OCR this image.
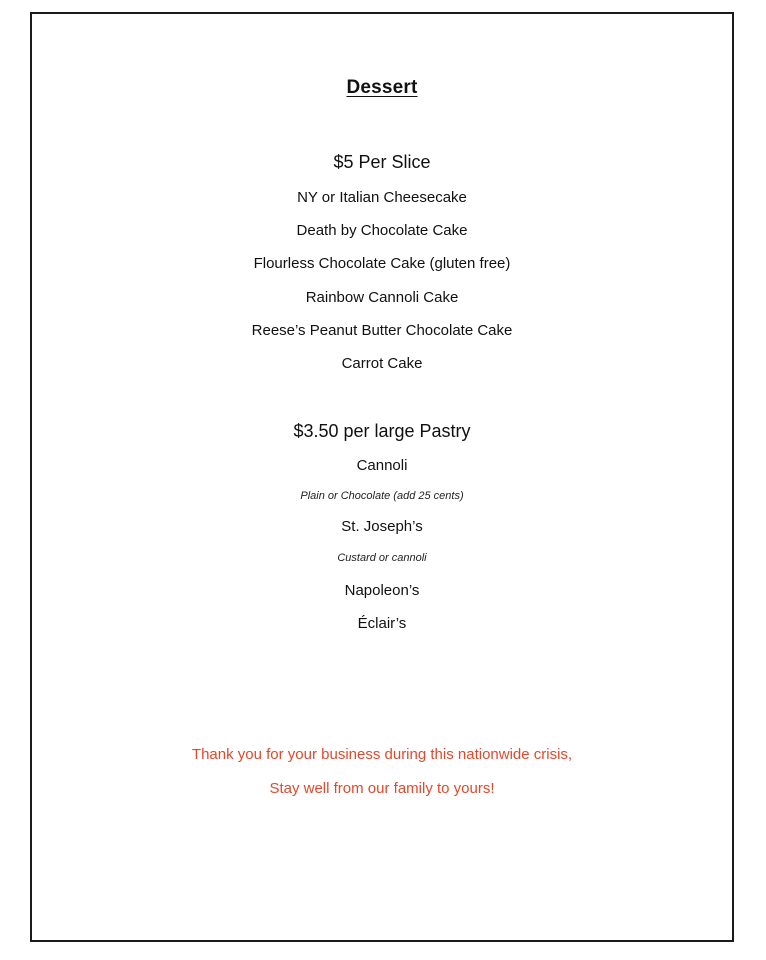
Dessert
$5 Per Slice
NY or Italian Cheesecake
Death by Chocolate Cake
Flourless Chocolate Cake (gluten free)
Rainbow Cannoli Cake
Reese’s Peanut Butter Chocolate Cake
Carrot Cake
$3.50 per large Pastry
Cannoli
Plain or Chocolate (add 25 cents)
St. Joseph’s
Custard or cannoli
Napoleon’s
Éclair’s
Thank you for your business during this nationwide crisis,
Stay well from our family to yours!
